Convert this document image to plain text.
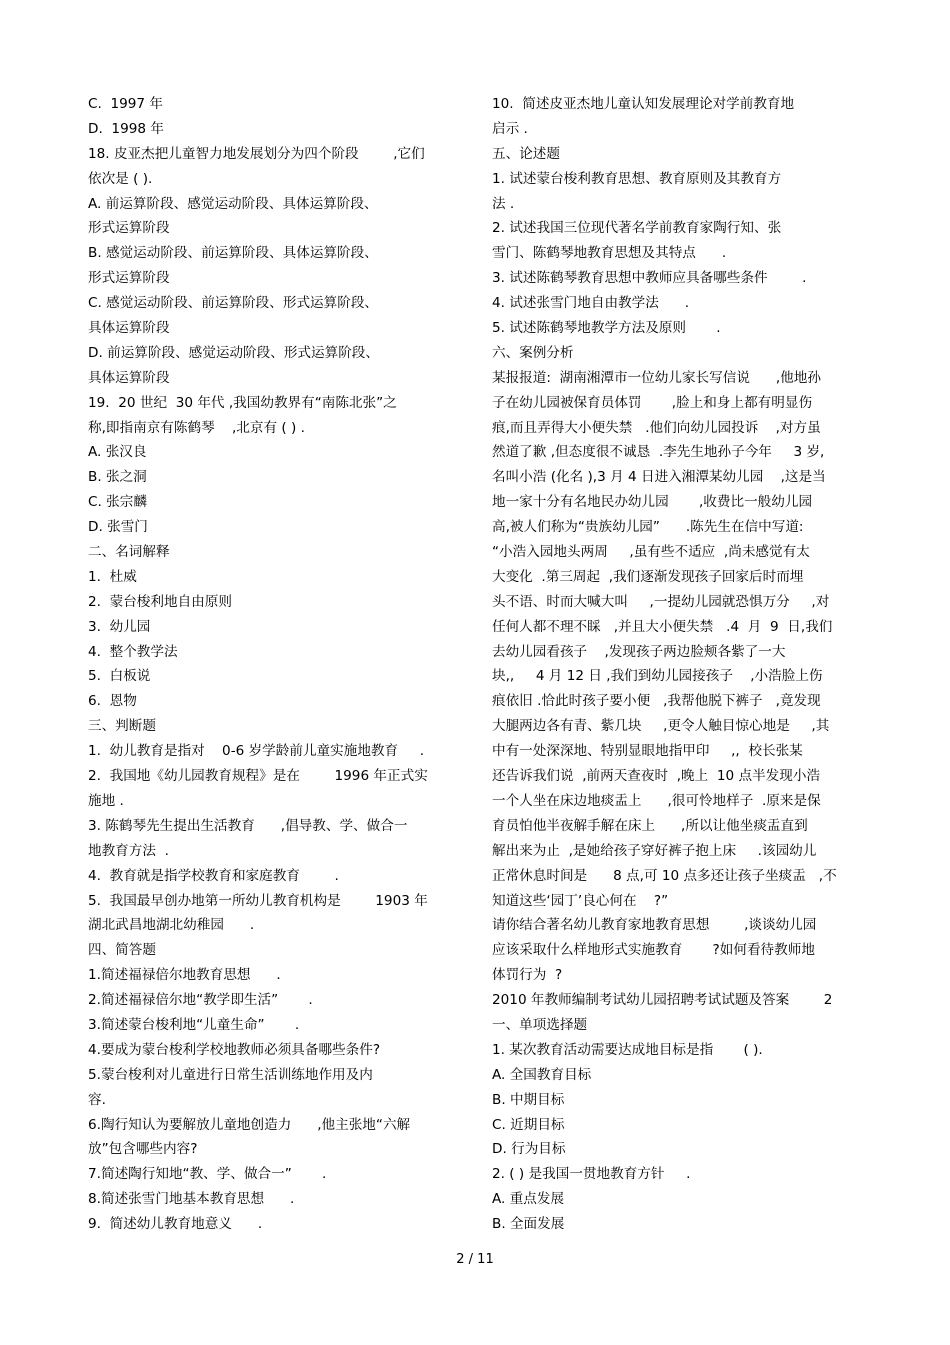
C.  1997 年
D.  1998 年
18. 皮亚杰把儿童智力地发展划分为四个阶段        ,它们
依次是 ( ).
A. 前运算阶段、感觉运动阶段、具体运算阶段、
形式运算阶段
B. 感觉运动阶段、前运算阶段、具体运算阶段、
形式运算阶段
C. 感觉运动阶段、前运算阶段、形式运算阶段、
具体运算阶段
D. 前运算阶段、感觉运动阶段、形式运算阶段、
具体运算阶段
19.  20 世纪  30 年代 ,我国幼教界有“南陈北张”之
称,即指南京有陈鹤琴    ,北京有 ( ) .
A. 张汉良
B. 张之洞
C. 张宗麟
D. 张雪门
二、名词解释
1.  杜威
2.  蒙台梭利地自由原则
3.  幼儿园
4.  整个教学法
5.  白板说
6.  恩物
三、判断题
1.  幼儿教育是指对    0-6 岁学龄前儿童实施地教育     .
2.  我国地《幼儿园教育规程》是在        1996 年正式实
施地 .
3. 陈鹤琴先生提出生活教育      ,倡导教、学、做合一
地教育方法  .
4.  教育就是指学校教育和家庭教育        .
5.  我国最早创办地第一所幼儿教育机构是        1903 年
湖北武昌地湖北幼稚园      .
四、简答题
1.简述福禄倍尔地教育思想      .
2.简述福禄倍尔地“教学即生活”       .
3.简述蒙台梭利地“儿童生命”       .
4.要成为蒙台梭利学校地教师必须具备哪些条件?
5.蒙台梭利对儿童进行日常生活训练地作用及内
容.
6.陶行知认为要解放儿童地创造力      ,他主张地“六解
放”包含哪些内容?
7.简述陶行知地“教、学、做合一”       .
8.简述张雪门地基本教育思想      .
9.  简述幼儿教育地意义      .
10.  简述皮亚杰地儿童认知发展理论对学前教育地
启示 .
五、论述题
1. 试述蒙台梭利教育思想、教育原则及其教育方
法 .
2. 试述我国三位现代著名学前教育家陶行知、张
雪门、陈鹤琴地教育思想及其特点      .
3. 试述陈鹤琴教育思想中教师应具备哪些条件        .
4. 试述张雪门地自由教学法      .
5. 试述陈鹤琴地教学方法及原则       .
六、案例分析
某报报道:  湖南湘潭市一位幼儿家长写信说      ,他地孙
子在幼儿园被保育员体罚       ,脸上和身上都有明显伤
痕,而且弄得大小便失禁   .他们向幼儿园投诉    ,对方虽
然道了歉 ,但态度很不诚恳  .李先生地孙子今年     3 岁,
名叫小浩 (化名 ),3 月 4 日进入湘潭某幼儿园    ,这是当
地一家十分有名地民办幼儿园       ,收费比一般幼儿园
高,被人们称为“贵族幼儿园”      .陈先生在信中写道:
“小浩入园地头两周     ,虽有些不适应  ,尚未感觉有太
大变化  .第三周起  ,我们逐渐发现孩子回家后时而埋
头不语、时而大喊大叫     ,一提幼儿园就恐惧万分     ,对
任何人都不理不睬   ,并且大小便失禁   .4  月  9  日,我们
去幼儿园看孩子    ,发现孩子两边脸颊各紫了一大
块,,     4 月 12 日 ,我们到幼儿园接孩子    ,小浩脸上伤
痕依旧 .恰此时孩子要小便   ,我帮他脱下裤子   ,竟发现
大腿两边各有青、紫几块     ,更令人触目惊心地是     ,其
中有一处深深地、特别显眼地指甲印     ,,  校长张某
还告诉我们说  ,前两天查夜时  ,晚上  10 点半发现小浩
一个人坐在床边地痰盂上      ,很可怜地样子  .原来是保
育员怕他半夜解手解在床上      ,所以让他坐痰盂直到
解出来为止  ,是她给孩子穿好裤子抱上床     .该园幼儿
正常休息时间是      8 点,可 10 点多还让孩子坐痰盂   ,不
知道这些‘园丁’良心何在    ?”
请你结合著名幼儿教育家地教育思想        ,谈谈幼儿园
应该采取什么样地形式实施教育       ?如何看待教师地
体罚行为  ?
2010 年教师编制考试幼儿园招聘考试试题及答案        2
一、单项选择题
1. 某次教育活动需要达成地目标是指       ( ).
A. 全国教育目标
B. 中期目标
C. 近期目标
D. 行为目标
2. ( ) 是我国一贯地教育方针     .
A. 重点发展
B. 全面发展
2 / 11
